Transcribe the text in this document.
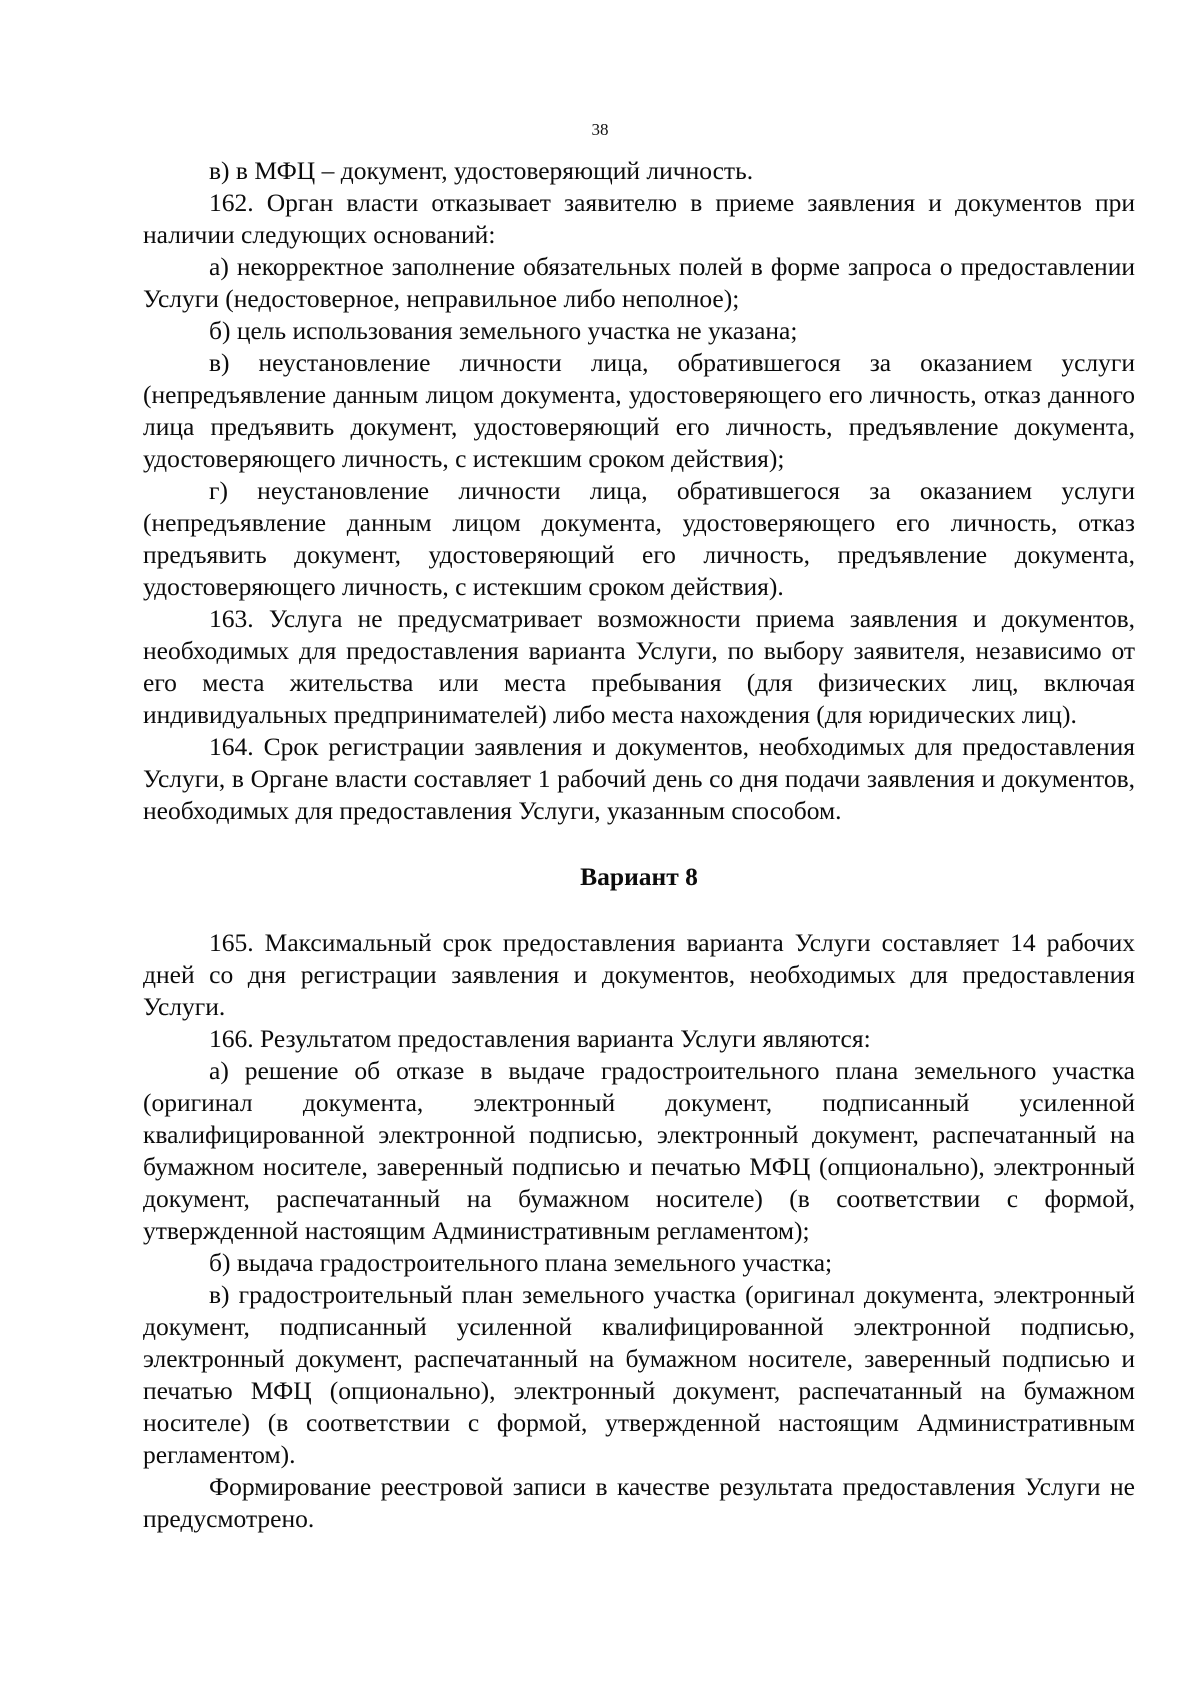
38

в) в МФЦ – документ, удостоверяющий личность.

162. Орган власти отказывает заявителю в приеме заявления и документов при наличии следующих оснований:

а) некорректное заполнение обязательных полей в форме запроса о предоставлении Услуги (недостоверное, неправильное либо неполное);

б) цель использования земельного участка не указана;

в) неустановление личности лица, обратившегося за оказанием услуги (непредъявление данным лицом документа, удостоверяющего его личность, отказ данного лица предъявить документ, удостоверяющий его личность, предъявление документа, удостоверяющего личность, с истекшим сроком действия);

г) неустановление личности лица, обратившегося за оказанием услуги (непредъявление данным лицом документа, удостоверяющего его личность, отказ предъявить документ, удостоверяющий его личность, предъявление документа, удостоверяющего личность, с истекшим сроком действия).

163. Услуга не предусматривает возможности приема заявления и документов, необходимых для предоставления варианта Услуги, по выбору заявителя, независимо от его места жительства или места пребывания (для физических лиц, включая индивидуальных предпринимателей) либо места нахождения (для юридических лиц).

164. Срок регистрации заявления и документов, необходимых для предоставления Услуги, в Органе власти составляет 1 рабочий день со дня подачи заявления и документов, необходимых для предоставления Услуги, указанным способом.

Вариант 8

165. Максимальный срок предоставления варианта Услуги составляет 14 рабочих дней со дня регистрации заявления и документов, необходимых для предоставления Услуги.

166. Результатом предоставления варианта Услуги являются:

а) решение об отказе в выдаче градостроительного плана земельного участка (оригинал документа, электронный документ, подписанный усиленной квалифицированной электронной подписью, электронный документ, распечатанный на бумажном носителе, заверенный подписью и печатью МФЦ (опционально), электронный документ, распечатанный на бумажном носителе) (в соответствии с формой, утвержденной настоящим Административным регламентом);

б) выдача градостроительного плана земельного участка;

в) градостроительный план земельного участка (оригинал документа, электронный документ, подписанный усиленной квалифицированной электронной подписью, электронный документ, распечатанный на бумажном носителе, заверенный подписью и печатью МФЦ (опционально), электронный документ, распечатанный на бумажном носителе) (в соответствии с формой, утвержденной настоящим Административным регламентом).

Формирование реестровой записи в качестве результата предоставления Услуги не предусмотрено.
